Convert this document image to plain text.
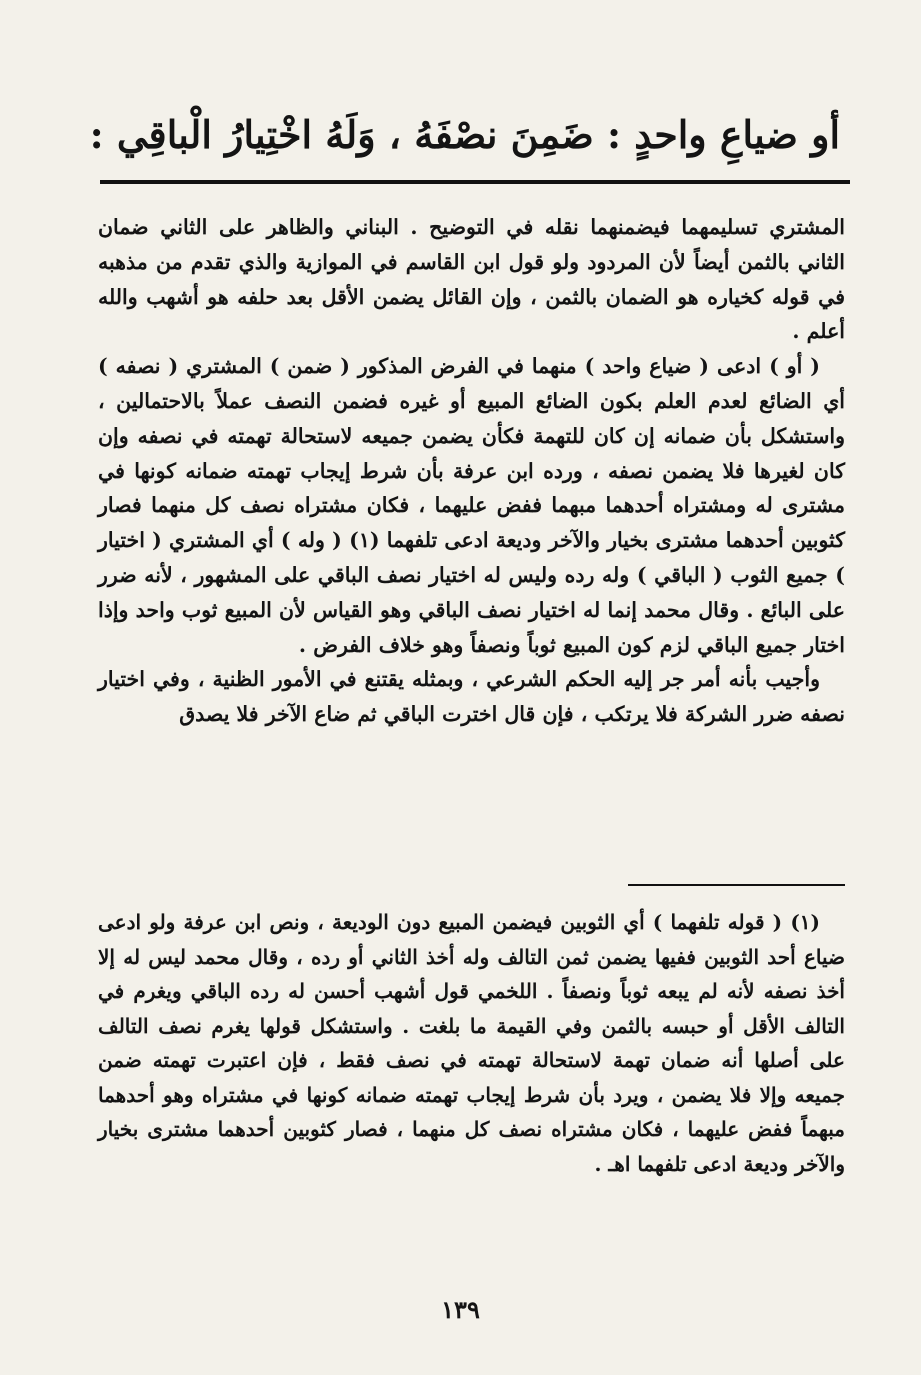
أو ضياعِ واحدٍ : ضَمِنَ نصْفَهُ ، وَلَهُ اخْتِيارُ الْباقِي :

المشتري تسليمهما فيضمنهما نقله في التوضيح . البناني والظاهر على الثاني ضمان الثاني بالثمن أيضاً لأن المردود ولو قول ابن القاسم في الموازية والذي تقدم من مذهبه في قوله كخياره هو الضمان بالثمن ، وإن القائل يضمن الأقل بعد حلفه هو أشهب والله أعلم .

( أو ) ادعى ( ضياع واحد ) منهما في الفرض المذكور ( ضمن ) المشتري ( نصفه ) أي الضائع لعدم العلم بكون الضائع المبيع أو غيره فضمن النصف عملاً بالاحتمالين ، واستشكل بأن ضمانه إن كان للتهمة فكأن يضمن جميعه لاستحالة تهمته في نصفه وإن كان لغيرها فلا يضمن نصفه ، ورده ابن عرفة بأن شرط إيجاب تهمته ضمانه كونها في مشترى له ومشتراه أحدهما مبهما ففض عليهما ، فكان مشتراه نصف كل منهما فصار كثوبين أحدهما مشترى بخيار والآخر وديعة ادعى تلفهما (١) ( وله ) أي المشتري ( اختيار ) جميع الثوب ( الباقي ) وله رده وليس له اختيار نصف الباقي على المشهور ، لأنه ضرر على البائع . وقال محمد إنما له اختيار نصف الباقي وهو القياس لأن المبيع ثوب واحد وإذا اختار جميع الباقي لزم كون المبيع ثوباً ونصفاً وهو خلاف الفرض .

وأجيب بأنه أمر جر إليه الحكم الشرعي ، وبمثله يقتنع في الأمور الظنية ، وفي اختيار نصفه ضرر الشركة فلا يرتكب ، فإن قال اخترت الباقي ثم ضاع الآخر فلا يصدق

(١) ( قوله تلفهما ) أي الثوبين فيضمن المبيع دون الوديعة ، ونص ابن عرفة ولو ادعى ضياع أحد الثوبين ففيها يضمن ثمن التالف وله أخذ الثاني أو رده ، وقال محمد ليس له إلا أخذ نصفه لأنه لم يبعه ثوباً ونصفاً . اللخمي قول أشهب أحسن له رده الباقي ويغرم في التالف الأقل أو حبسه بالثمن وفي القيمة ما بلغت . واستشكل قولها يغرم نصف التالف على أصلها أنه ضمان تهمة لاستحالة تهمته في نصف فقط ، فإن اعتبرت تهمته ضمن جميعه وإلا فلا يضمن ، ويرد بأن شرط إيجاب تهمته ضمانه كونها في مشتراه وهو أحدهما مبهماً ففض عليهما ، فكان مشتراه نصف كل منهما ، فصار كثوبين أحدهما مشترى بخيار والآخر وديعة ادعى تلفهما اهـ .

١٣٩
